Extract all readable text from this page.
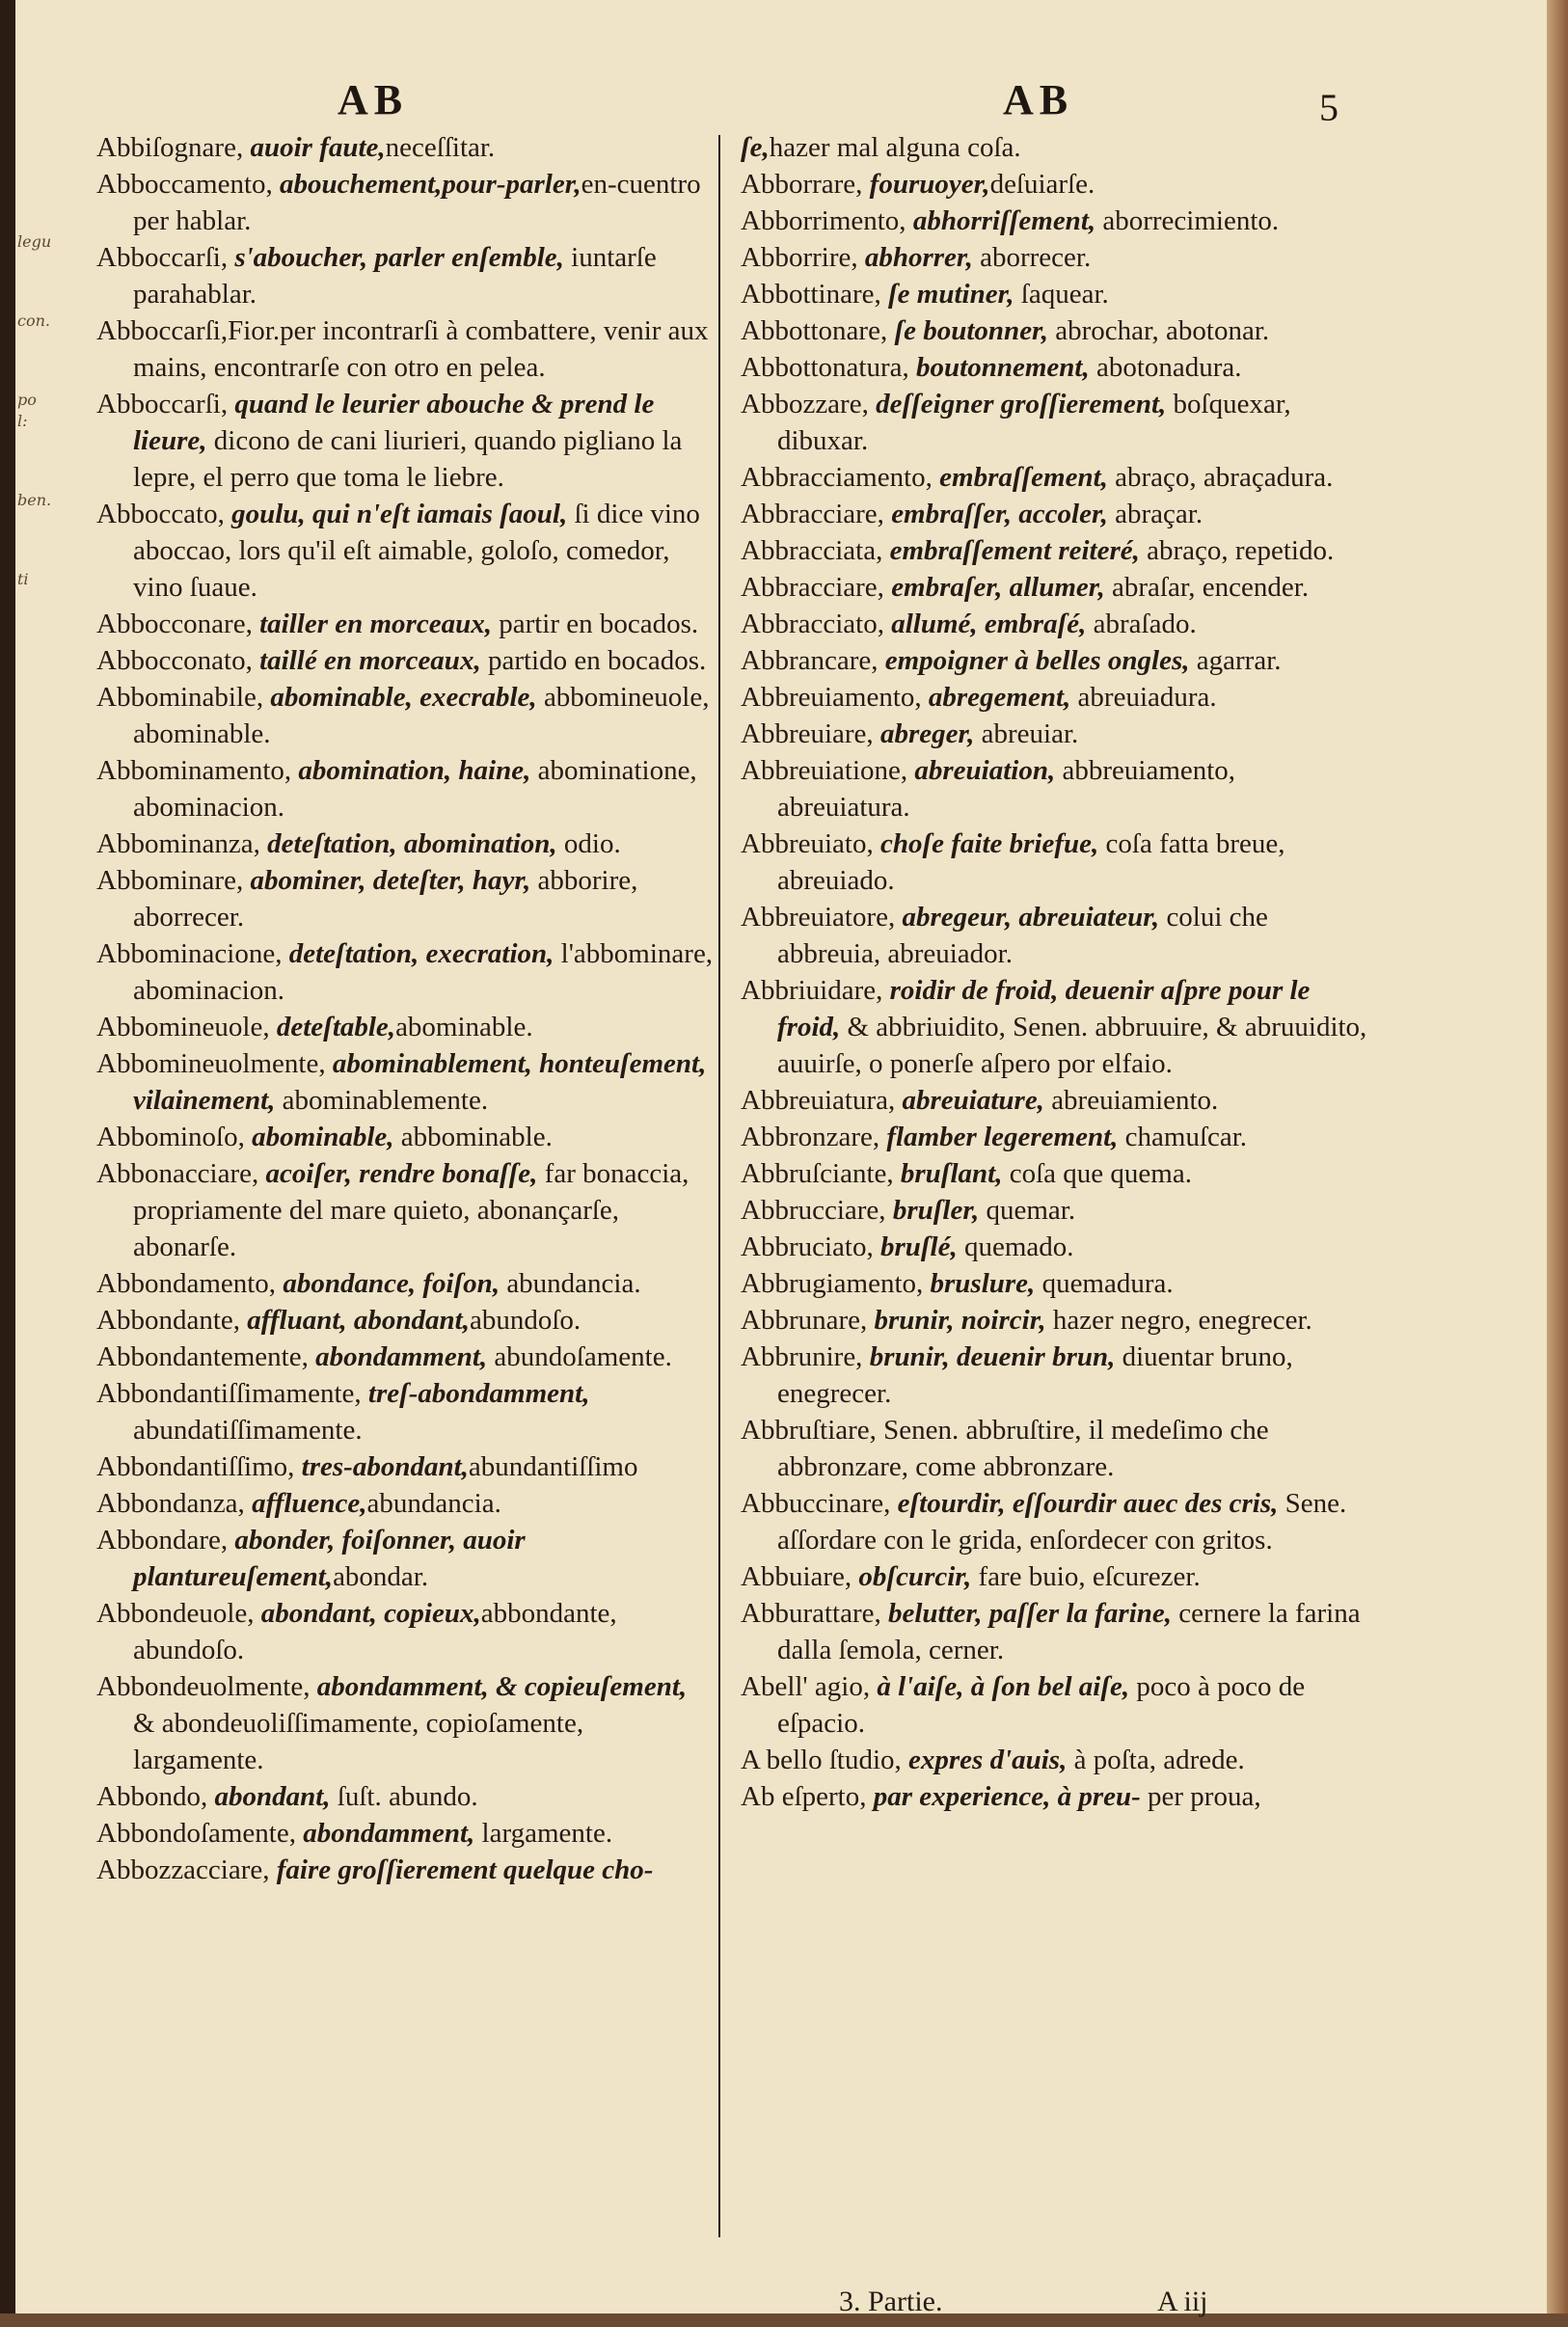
legu
con.
po l:
ben.
ti
AB	AB	5

Abbiſognare, auoir faute,neceſſitar.

Abboccamento, abouchement,pour-parler,en-cuentro per hablar.

Abboccarſi, s'aboucher, parler enſemble, iuntarſe parahablar.

Abboccarſi,Fior.per incontrarſi à combattere, venir aux mains, encontrarſe con otro en pelea.

Abboccarſi, quand le leurier abouche & prend le lieure, dicono de cani liurieri, quando pigliano la lepre, el perro que toma le liebre.

Abboccato, goulu, qui n'eſt iamais ſaoul, ſi dice vino aboccao, lors qu'il eſt aimable, goloſo, comedor, vino ſuaue.

Abbocconare, tailler en morceaux, partir en bocados.

Abbocconato, taillé en morceaux, partido en bocados.

Abbominabile, abominable, execrable, abbomineuole, abominable.

Abbominamento, abomination, haine, abominatione, abominacion.

Abbominanza, deteſtation, abomination, odio.

Abbominare, abominer, deteſter, hayr, abborire, aborrecer.

Abbominacione, deteſtation, execration, l'abbominare, abominacion.

Abbomineuole, deteſtable,abominable.

Abbomineuolmente, abominablement, honteuſement, vilainement, abominablemente.

Abbominoſo, abominable, abbominable.

Abbonacciare, acoiſer, rendre bonaſſe, far bonaccia, propriamente del mare quieto, abonançarſe, abonarſe.

Abbondamento, abondance, foiſon, abundancia.

Abbondante, affluant, abondant,abundoſo.

Abbondantemente, abondamment, abundoſamente.

Abbondantiſſimamente, treſ-abondamment, abundatiſſimamente.

Abbondantiſſimo, tres-abondant,abundantiſſimo

Abbondanza, affluence,abundancia.

Abbondare, abonder, foiſonner, auoir plantureuſement,abondar.

Abbondeuole, abondant, copieux,abbondante, abundoſo.

Abbondeuolmente, abondamment, & copieuſement, & abondeuoliſſimamente, copioſamente, largamente.

Abbondo, abondant, ſuſt. abundo.

Abbondoſamente, abondamment, largamente.

Abbozzacciare, faire groſſierement quelque cho-

ſe,hazer mal alguna coſa.

Abborrare, fouruoyer,deſuiarſe.

Abborrimento, abhorriſſement, aborrecimiento.

Abborrire, abhorrer, aborrecer.

Abbottinare, ſe mutiner, ſaquear.

Abbottonare, ſe boutonner, abrochar, abotonar.

Abbottonatura, boutonnement, abotonadura.

Abbozzare, deſſeigner groſſierement, boſquexar, dibuxar.

Abbracciamento, embraſſement, abraço, abraçadura.

Abbracciare, embraſſer, accoler, abraçar.

Abbracciata, embraſſement reiteré, abraço, repetido.

Abbracciare, embraſer, allumer, abraſar, encender.

Abbracciato, allumé, embraſé, abraſado.

Abbrancare, empoigner à belles ongles, agarrar.

Abbreuiamento, abregement, abreuiadura.

Abbreuiare, abreger, abreuiar.

Abbreuiatione, abreuiation, abbreuiamento, abreuiatura.

Abbreuiato, choſe faite briefue, coſa fatta breue, abreuiado.

Abbreuiatore, abregeur, abreuiateur, colui che abbreuia, abreuiador.

Abbriuidare, roidir de froid, deuenir aſpre pour le froid, & abbriuidito, Senen. abbruuire, & abruuidito, auuirſe, o ponerſe aſpero por elfaio.

Abbreuiatura, abreuiature, abreuiamiento.

Abbronzare, flamber legerement, chamuſcar.

Abbruſciante, bruſlant, coſa que quema.

Abbrucciare, bruſler, quemar.

Abbruciato, bruſlé, quemado.

Abbrugiamento, bruslure, quemadura.

Abbrunare, brunir, noircir, hazer negro, enegrecer.

Abbrunire, brunir, deuenir brun, diuentar bruno, enegrecer.

Abbruſtiare, Senen. abbruſtire, il medeſimo che abbronzare, come abbronzare.

Abbuccinare, eſtourdir, eſſourdir auec des cris, Sene. aſſordare con le grida, enſordecer con gritos.

Abbuiare, obſcurcir, fare buio, eſcurezer.

Abburattare, belutter, paſſer la farine, cernere la farina dalla ſemola, cerner.

Abell' agio, à l'aiſe, à ſon bel aiſe, poco à poco de eſpacio.

A bello ſtudio, expres d'auis, à poſta, adrede.

Ab eſperto, par experience, à preu- per proua,

3. Partie.	A iij
